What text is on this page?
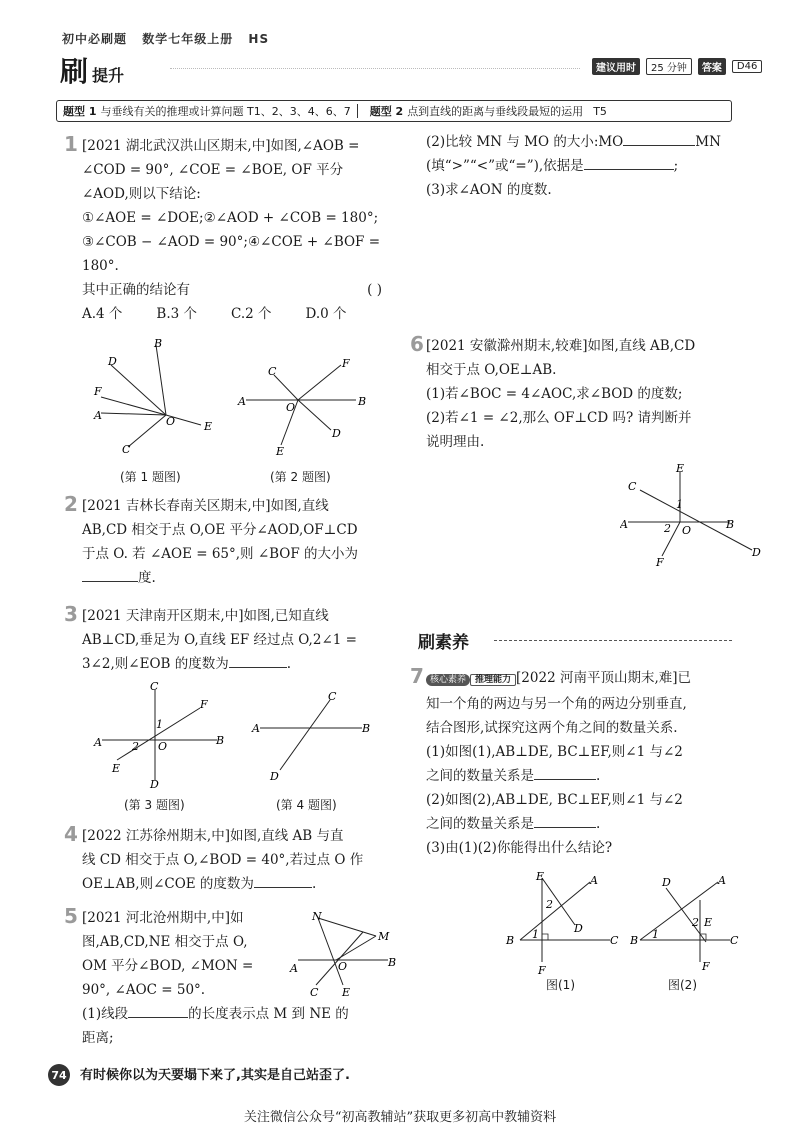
初中必刷题 数学七年级上册 HS
刷提升	建议用时	25 分钟	答案	D46
题型 1 与垂线有关的推理或计算问题 T1、2、3、4、6、7 题型 2 点到直线的距离与垂线段最短的运用 T5
1 [2021 湖北武汉洪山区期末,中]如图,∠AOB =
∠COD = 90°, ∠COE = ∠BOE, OF 平分
∠AOD,则以下结论:
①∠AOE = ∠DOE;②∠AOD + ∠COB = 180°;
③∠COB − ∠AOD = 90°;④∠COE + ∠BOF =
180°.
其中正确的结论有	( )
A.4 个	B.3 个	C.2 个	D.0 个
B
D
F
A	O	E
C
(第 1 题图)
A	B
C
F
O
D
E
(第 2 题图)
2 [2021 吉林长春南关区期末,中]如图,直线
AB,CD 相交于点 O,OE 平分∠AOD,OF⊥CD
于点 O. 若 ∠AOE = 65°,则 ∠BOF 的大小为
度.
3 [2021 天津南开区期末,中]如图,已知直线
AB⊥CD,垂足为 O,直线 EF 经过点 O,2∠1 =
3∠2,则∠EOB 的度数为	.
A	B
C
F
1
2 O
E
D
(第 3 题图)
A	B
C
D
(第 4 题图)
4 [2022 江苏徐州期末,中]如图,直线 AB 与直
线 CD 相交于点 O,∠BOD = 40°,若过点 O 作
OE⊥AB,则∠COE 的度数为	.
5 [2021 河北沧州期中,中]如
图,AB,CD,NE 相交于点 O,
OM 平分∠BOD, ∠MON =
90°, ∠AOC = 50°.
(1)线段	的长度表示点 M 到 NE 的
距离;
N
M
A	B
O
C E
(2)比较 MN 与 MO 的大小:MO	MN
(填“>”“<”或“=”),依据是	;
(3)求∠AON 的度数.
6 [2021 安徽滁州期末,较难]如图,直线 AB,CD
相交于点 O,OE⊥AB.
(1)若∠BOC = 4∠AOC,求∠BOD 的度数;
(2)若∠1 = ∠2,那么 OF⊥CD 吗? 请判断并
说明理由.
E
C
A	B
D
F
1
2 O
刷素养
7 核心素养 推理能力 [2022 河南平顶山期末,难]已
知一个角的两边与另一个角的两边分别垂直,
结合图形,试探究这两个角之间的数量关系.
(1)如图(1),AB⊥DE, BC⊥EF,则∠1 与∠2
之间的数量关系是	.
(2)如图(2),AB⊥DE, BC⊥EF,则∠1 与∠2
之间的数量关系是	.
(3)由(1)(2)你能得出什么结论?
E	A
B	C
2
1	D
F
图(1)
D	A
B	C
2 E
1
F
图(2)
74 有时候你以为天要塌下来了,其实是自己站歪了.
关注微信公众号“初高教辅站”获取更多初高中教辅资料
